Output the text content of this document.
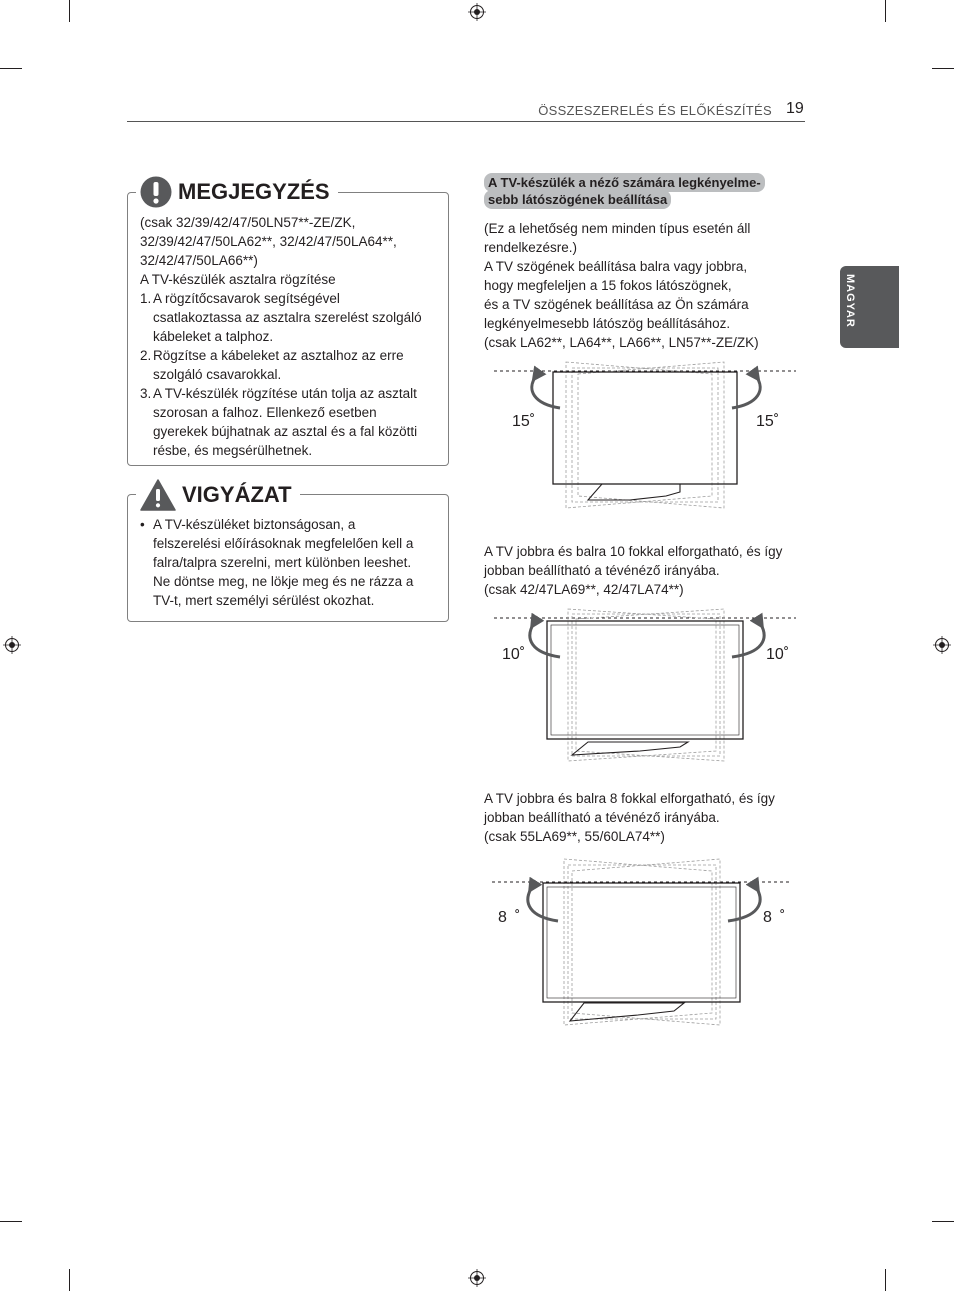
ÖSSZESZERELÉS ÉS ELŐKÉSZÍTÉS 19
MAGYAR
MEGJEGYZÉS
(csak 32/39/42/47/50LN57**-ZE/ZK,
32/39/42/47/50LA62**, 32/42/47/50LA64**,
32/42/47/50LA66**)
A TV-készülék asztalra rögzítése
1. A rögzítőcsavarok segítségével
csatlakoztassa az asztalra szerelést szolgáló
kábeleket a talphoz.
2. Rögzítse a kábeleket az asztalhoz az erre
szolgáló csavarokkal.
3. A TV-készülék rögzítése után tolja az asztalt
szorosan a falhoz. Ellenkező esetben
gyerekek bújhatnak az asztal és a fal közötti
résbe, és megsérülhetnek.
VIGYÁZAT
• A TV-készüléket biztonságosan, a
felszerelési előírásoknak megfelelően kell a
falra/talpra szerelni, mert különben leeshet.
Ne döntse meg, ne lökje meg és ne rázza a
TV-t, mert személyi sérülést okozhat.
A TV-készülék a néző számára legkényelme-
sebb látószögének beállítása
(Ez a lehetőség nem minden típus esetén áll
rendelkezésre.)
A TV szögének beállítása balra vagy jobbra,
hogy megfeleljen a 15 fokos látószögnek,
és a TV szögének beállítása az Ön számára
legkényelmesebb látószög beállításához.
(csak LA62**, LA64**, LA66**, LN57**-ZE/ZK)
15˚	15˚
A TV jobbra és balra 10 fokkal elforgatható, és így
jobban beállítható a tévénéző irányába.
(csak 42/47LA69**, 42/47LA74**)
10˚	10˚
A TV jobbra és balra 8 fokkal elforgatható, és így
jobban beállítható a tévénéző irányába.
(csak 55LA69**, 55/60LA74**)
8 ˚	8 ˚
